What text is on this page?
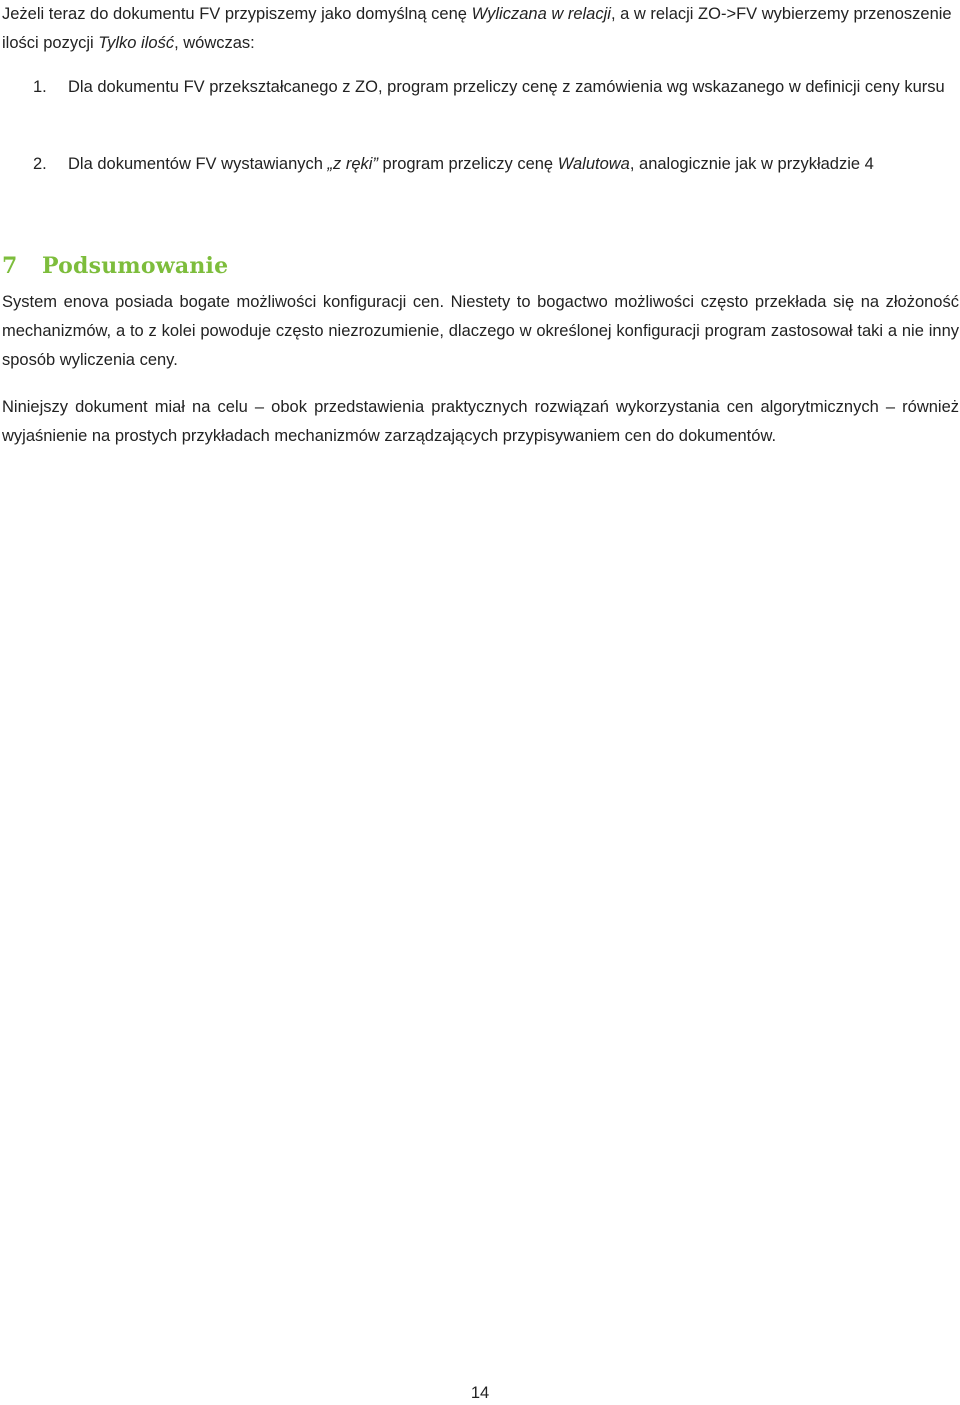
Jeżeli teraz do dokumentu FV przypiszemy jako domyślną cenę Wyliczana w relacji, a w relacji ZO->FV wybierzemy przenoszenie ilości pozycji Tylko ilość, wówczas:

1.	Dla dokumentu FV przekształcanego z ZO, program przeliczy cenę z zamówienia wg wskazanego w definicji ceny kursu
2.	Dla dokumentów FV wystawianych „z ręki” program przeliczy cenę Walutowa, analogicznie jak w przykładzie 4
7 Podsumowanie

System enova posiada bogate możliwości konfiguracji cen. Niestety to bogactwo możliwości często przekłada się na złożoność mechanizmów, a to z kolei powoduje często niezrozumienie, dlaczego w określonej konfiguracji program zastosował taki a nie inny sposób wyliczenia ceny.

Niniejszy dokument miał na celu – obok przedstawienia praktycznych rozwiązań wykorzystania cen algorytmicznych – również wyjaśnienie na prostych przykładach mechanizmów zarządzających przypisywaniem cen do dokumentów.

14
